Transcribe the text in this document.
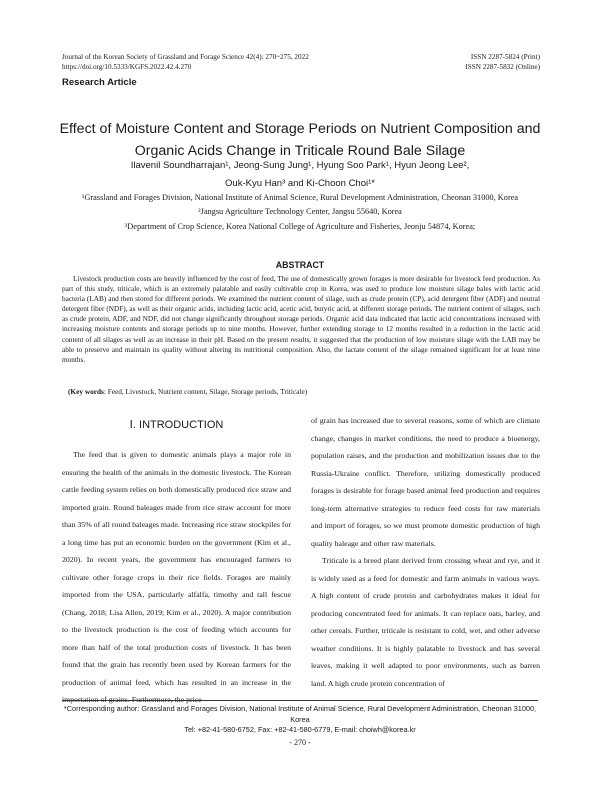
Journal of the Korean Society of Grassland and Forage Science 42(4): 270~275, 2022
https://doi.org/10.5333/KGFS.2022.42.4.270
ISSN 2287-5824 (Print)
ISSN 2287-5832 (Online)
Research Article
Effect of Moisture Content and Storage Periods on Nutrient Composition and
Organic Acids Change in Triticale Round Bale Silage
Ilavenil Soundharrajan¹, Jeong-Sung Jung¹, Hyung Soo Park¹, Hyun Jeong Lee²,
Ouk-Kyu Han³ and Ki-Choon Choi¹*
¹Grassland and Forages Division, National Institute of Animal Science, Rural Development Administration, Cheonan 31000, Korea
²Jangsu Agriculture Technology Center, Jangsu 55640, Korea
³Department of Crop Science, Korea National College of Agriculture and Fisheries, Jeonju 54874, Korea;
ABSTRACT

Livestock production costs are heavily influenced by the cost of feed, The use of domestically grown forages is more desirable for livestock feed production. As part of this study, triticale, which is an extremely palatable and easily cultivable crop in Korea, was used to produce low moisture silage bales with lactic acid bacteria (LAB) and then stored for different periods. We examined the nutrient content of silage, such as crude protein (CP), acid detergent fiber (ADF) and neutral detergent fiber (NDF), as well as their organic acids, including lactic acid, acetic acid, butyric acid, at different storage periods. The nutrient content of silages, such as crude protein, ADF, and NDF, did not change significantly throughout storage periods. Organic acid data indicated that lactic acid concentrations increased with increasing moisture contents and storage periods up to nine months. However, further extending storage to 12 months resulted in a reduction in the lactic acid content of all silages as well as an increase in their pH. Based on the present results, it suggested that the production of low moisture silage with the LAB may be able to preserve and maintain its quality without altering its nutritional composition. Also, the lactate content of the silage remained significant for at least nine months.

(Key words: Feed, Livestock, Nutrient content, Silage, Storage periods, Triticale)
Ⅰ. INTRODUCTION

The feed that is given to domestic animals plays a major role in ensuring the health of the animals in the domestic livestock. The Korean cattle feeding system relies on both domestically produced rice straw and imported grain. Round baleages made from rice straw account for more than 35% of all round baleages made. Increasing rice straw stockpiles for a long time has put an economic burden on the government (Kim et al., 2020). In recent years, the government has encouraged farmers to cultivate other forage crops in their rice fields. Forages are mainly imported from the USA, particularly alfalfa, timothy and tall fescue (Chang, 2018; Lisa Allen, 2019; Kim et al., 2020). A major contribution to the livestock production is the cost of feeding which accounts for more than half of the total production costs of livestock. It has been found that the grain has recently been used by Korean farmers for the production of animal feed, which has resulted in an increase in the importation of grains. Furthermore, the price

of grain has increased due to several reasons, some of which are climate change, changes in market conditions, the need to produce a bioenergy, population raises, and the production and mobilization issues due to the Russia-Ukraine conflict. Therefore, utilizing domestically produced forages is desirable for forage based animal feed production and requires long-term alternative strategies to reduce feed costs for raw materials and import of forages, so we must promote domestic production of high quality baleage and other raw materials.

Triticale is a breed plant derived from crossing wheat and rye, and it is widely used as a feed for domestic and farm animals in various ways. A high content of crude protein and carbohydrates makes it ideal for producing concentrated feed for animals. It can replace oats, barley, and other cereals. Further, triticale is resistant to cold, wet, and other adverse weather conditions. It is highly palatable to livestock and has several leaves, making it well adapted to poor environments, such as barren land. A high crude protein concentration of

*Corresponding author: Grassland and Forages Division, National Institute of Animal Science, Rural Development Administration, Cheonan 31000, Korea
Tel: +82-41-580-6752, Fax: +82-41-580-6779, E-mail: choiwh@korea.kr
- 270 -
